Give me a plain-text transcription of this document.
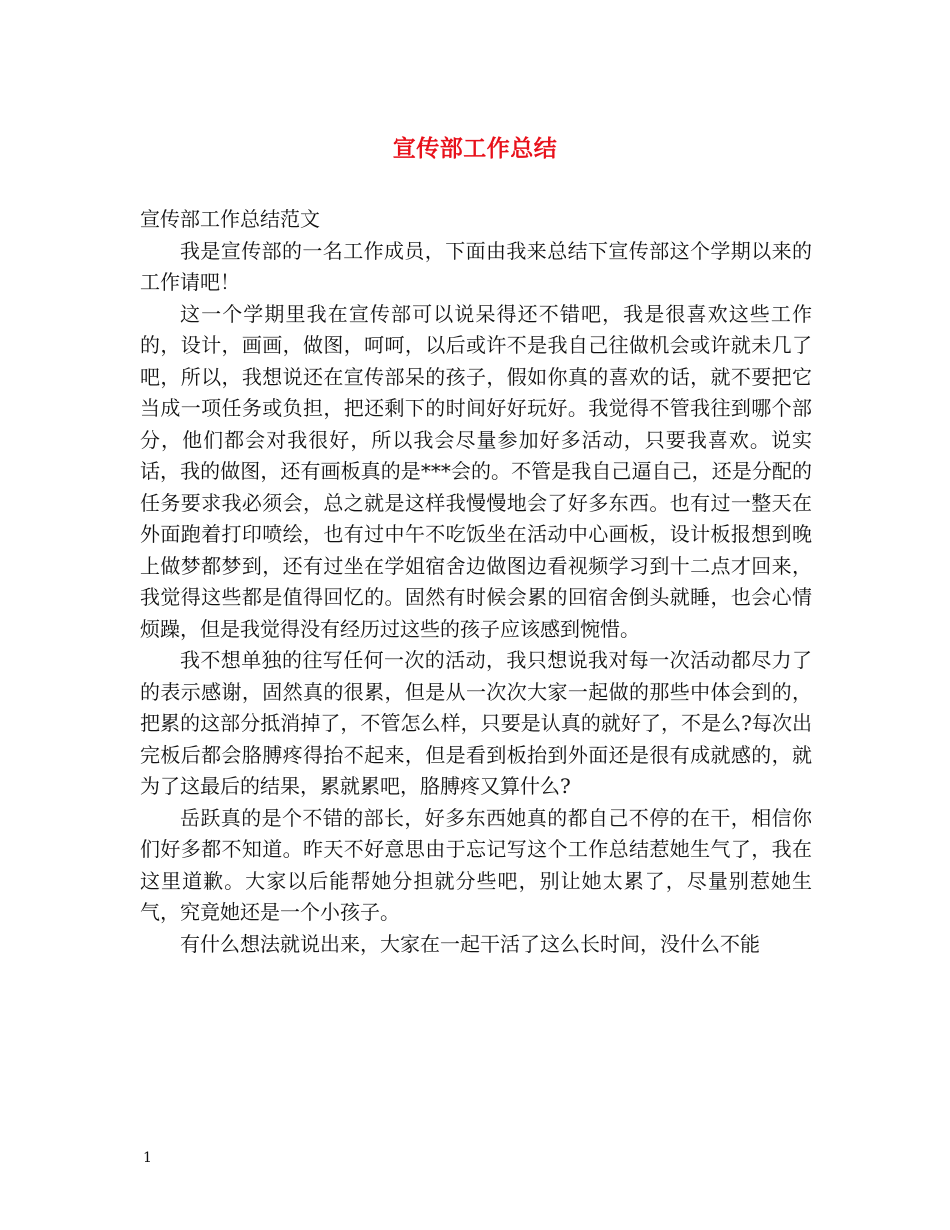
宣传部工作总结

宣传部工作总结范文

我是宣传部的一名工作成员，下面由我来总结下宣传部这个学期以来的工作请吧！

这一个学期里我在宣传部可以说呆得还不错吧，我是很喜欢这些工作的，设计，画画，做图，呵呵，以后或许不是我自己往做机会或许就未几了吧，所以，我想说还在宣传部呆的孩子，假如你真的喜欢的话，就不要把它当成一项任务或负担，把还剩下的时间好好玩好。我觉得不管我往到哪个部分，他们都会对我很好，所以我会尽量参加好多活动，只要我喜欢。说实话，我的做图，还有画板真的是***会的。不管是我自己逼自己，还是分配的任务要求我必须会，总之就是这样我慢慢地会了好多东西。也有过一整天在外面跑着打印喷绘，也有过中午不吃饭坐在活动中心画板，设计板报想到晚上做梦都梦到，还有过坐在学姐宿舍边做图边看视频学习到十二点才回来，我觉得这些都是值得回忆的。固然有时候会累的回宿舍倒头就睡，也会心情烦躁，但是我觉得没有经历过这些的孩子应该感到惋惜。

我不想单独的往写任何一次的活动，我只想说我对每一次活动都尽力了的表示感谢，固然真的很累，但是从一次次大家一起做的那些中体会到的，把累的这部分抵消掉了，不管怎么样，只要是认真的就好了，不是么?每次出完板后都会胳膊疼得抬不起来，但是看到板抬到外面还是很有成就感的，就为了这最后的结果，累就累吧，胳膊疼又算什么?

岳跃真的是个不错的部长，好多东西她真的都自己不停的在干，相信你们好多都不知道。昨天不好意思由于忘记写这个工作总结惹她生气了，我在这里道歉。大家以后能帮她分担就分些吧，别让她太累了，尽量别惹她生气，究竟她还是一个小孩子。

有什么想法就说出来，大家在一起干活了这么长时间，没什么不能

1
